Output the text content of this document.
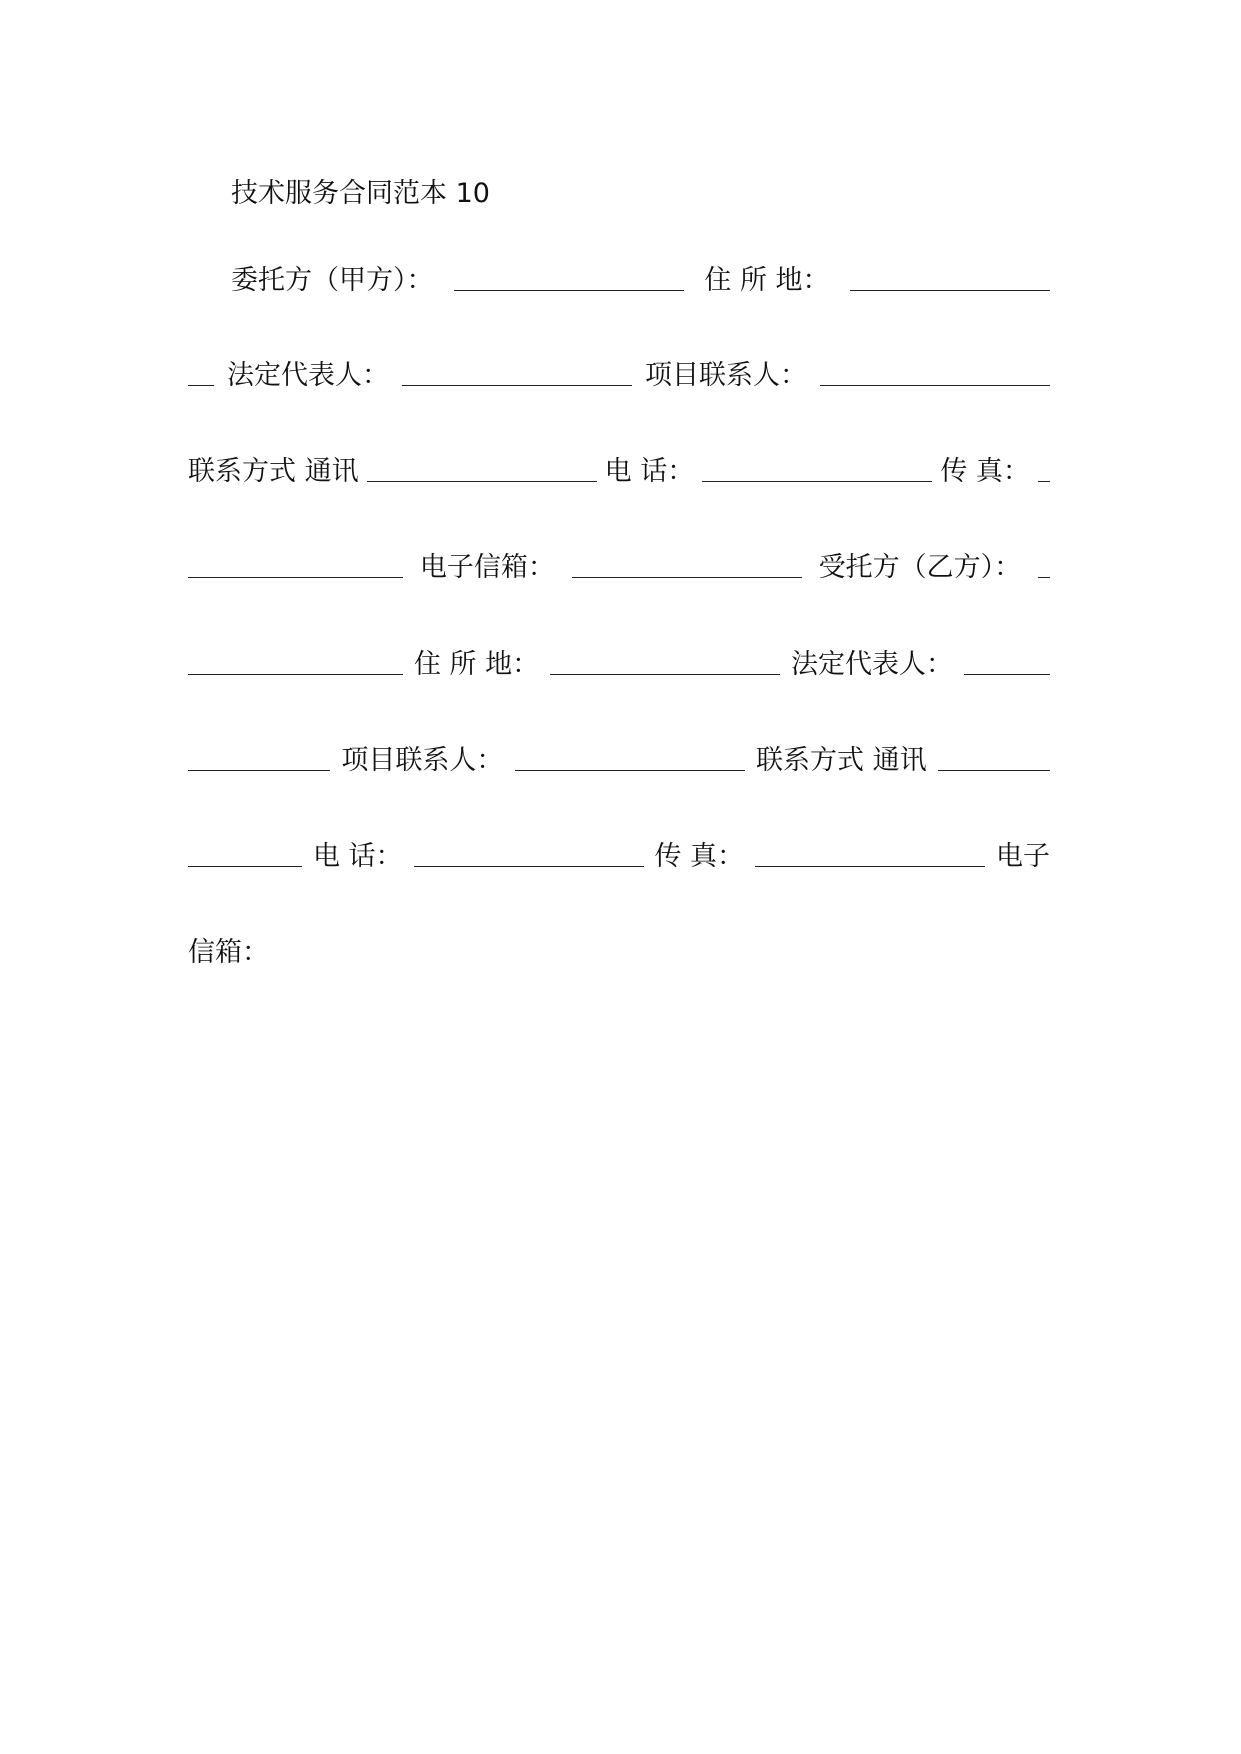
技术服务合同范本 10
委托方（甲方）：	住 所 地：
法定代表人：	项目联系人：
联系方式 通讯	电 话：	传 真：
电子信箱：	受托方（乙方）：
住 所 地：	法定代表人：
项目联系人：	联系方式 通讯
电 话：	传 真：	电子
信箱：
